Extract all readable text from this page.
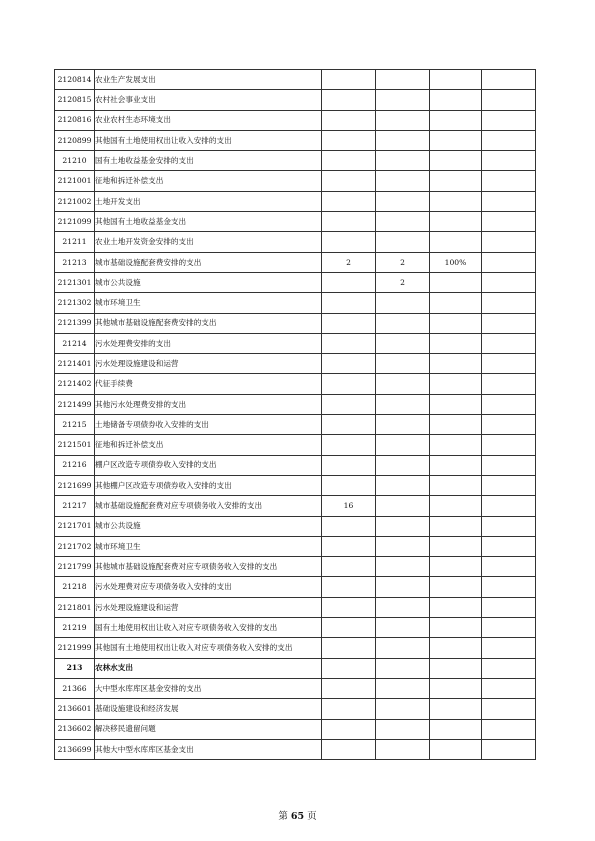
2120814	农业生产发展支出				
2120815	农村社会事业支出				
2120816	农业农村生态环境支出				
2120899	其他国有土地使用权出让收入安排的支出				
21210	国有土地收益基金安排的支出				
2121001	征地和拆迁补偿支出				
2121002	土地开发支出				
2121099	其他国有土地收益基金支出				
21211	农业土地开发资金安排的支出				
21213	城市基础设施配套费安排的支出	2	2	100%	
2121301	城市公共设施		2		
2121302	城市环境卫生				
2121399	其他城市基础设施配套费安排的支出				
21214	污水处理费安排的支出				
2121401	污水处理设施建设和运营				
2121402	代征手续费				
2121499	其他污水处理费安排的支出				
21215	土地储备专项债券收入安排的支出				
2121501	征地和拆迁补偿支出				
21216	棚户区改造专项债券收入安排的支出				
2121699	其他棚户区改造专项债券收入安排的支出				
21217	城市基础设施配套费对应专项债务收入安排的支出	16			
2121701	城市公共设施				
2121702	城市环境卫生				
2121799	其他城市基础设施配套费对应专项债务收入安排的支出				
21218	污水处理费对应专项债务收入安排的支出				
2121801	污水处理设施建设和运营				
21219	国有土地使用权出让收入对应专项债务收入安排的支出				
2121999	其他国有土地使用权出让收入对应专项债务收入安排的支出				
213	农林水支出				
21366	大中型水库库区基金安排的支出				
2136601	基础设施建设和经济发展				
2136602	解决移民遗留问题				
2136699	其他大中型水库库区基金支出				
第 65 页
